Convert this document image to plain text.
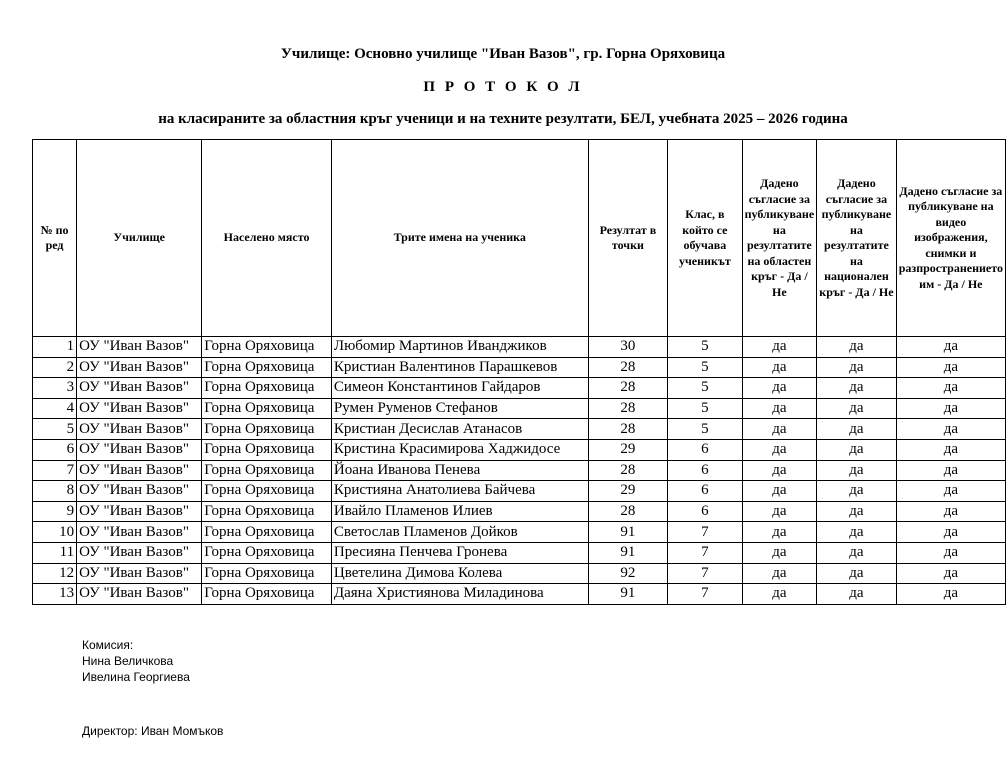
Училище: Основно училище "Иван Вазов", гр. Горна Оряховица
П Р О Т О К О Л
на класираните за областния кръг ученици и на техните резултати, БЕЛ, учебната 2025 – 2026 година
№ по ред	Училище	Населено място	Трите имена на ученика	Резултат в точки	Клас, в който се обучава ученикът	Дадено съгласие за публикуване на резултатите на областен кръг - Да / Не	Дадено съгласие за публикуване на резултатите на национален кръг - Да / Не	Дадено съгласие за публикуване на видео изображения, снимки и разпространението им - Да / Не

1	ОУ "Иван Вазов"	Горна Оряховица	Любомир Мартинов Иванджиков	30	5	да	да	да
2	ОУ "Иван Вазов"	Горна Оряховица	Кристиан Валентинов Парашкевов	28	5	да	да	да
3	ОУ "Иван Вазов"	Горна Оряховица	Симеон Константинов Гайдаров	28	5	да	да	да
4	ОУ "Иван Вазов"	Горна Оряховица	Румен Руменов Стефанов	28	5	да	да	да
5	ОУ "Иван Вазов"	Горна Оряховица	Кристиан Десислав Атанасов	28	5	да	да	да
6	ОУ "Иван Вазов"	Горна Оряховица	Кристина Красимирова Хаджидосе	29	6	да	да	да
7	ОУ "Иван Вазов"	Горна Оряховица	Йоана Иванова Пенева	28	6	да	да	да
8	ОУ "Иван Вазов"	Горна Оряховица	Кристияна Анатолиева Байчева	29	6	да	да	да
9	ОУ "Иван Вазов"	Горна Оряховица	Ивайло Пламенов Илиев	28	6	да	да	да
10	ОУ "Иван Вазов"	Горна Оряховица	Светослав Пламенов Дойков	91	7	да	да	да
11	ОУ "Иван Вазов"	Горна Оряховица	Пресияна Пенчева Гронева	91	7	да	да	да
12	ОУ "Иван Вазов"	Горна Оряховица	Цветелина Димова Колева	92	7	да	да	да
13	ОУ "Иван Вазов"	Горна Оряховица	Даяна Християнова Миладинова	91	7	да	да	да
Комисия:
Нина Величкова
Ивелина Георгиева
Директор: Иван Момъков
